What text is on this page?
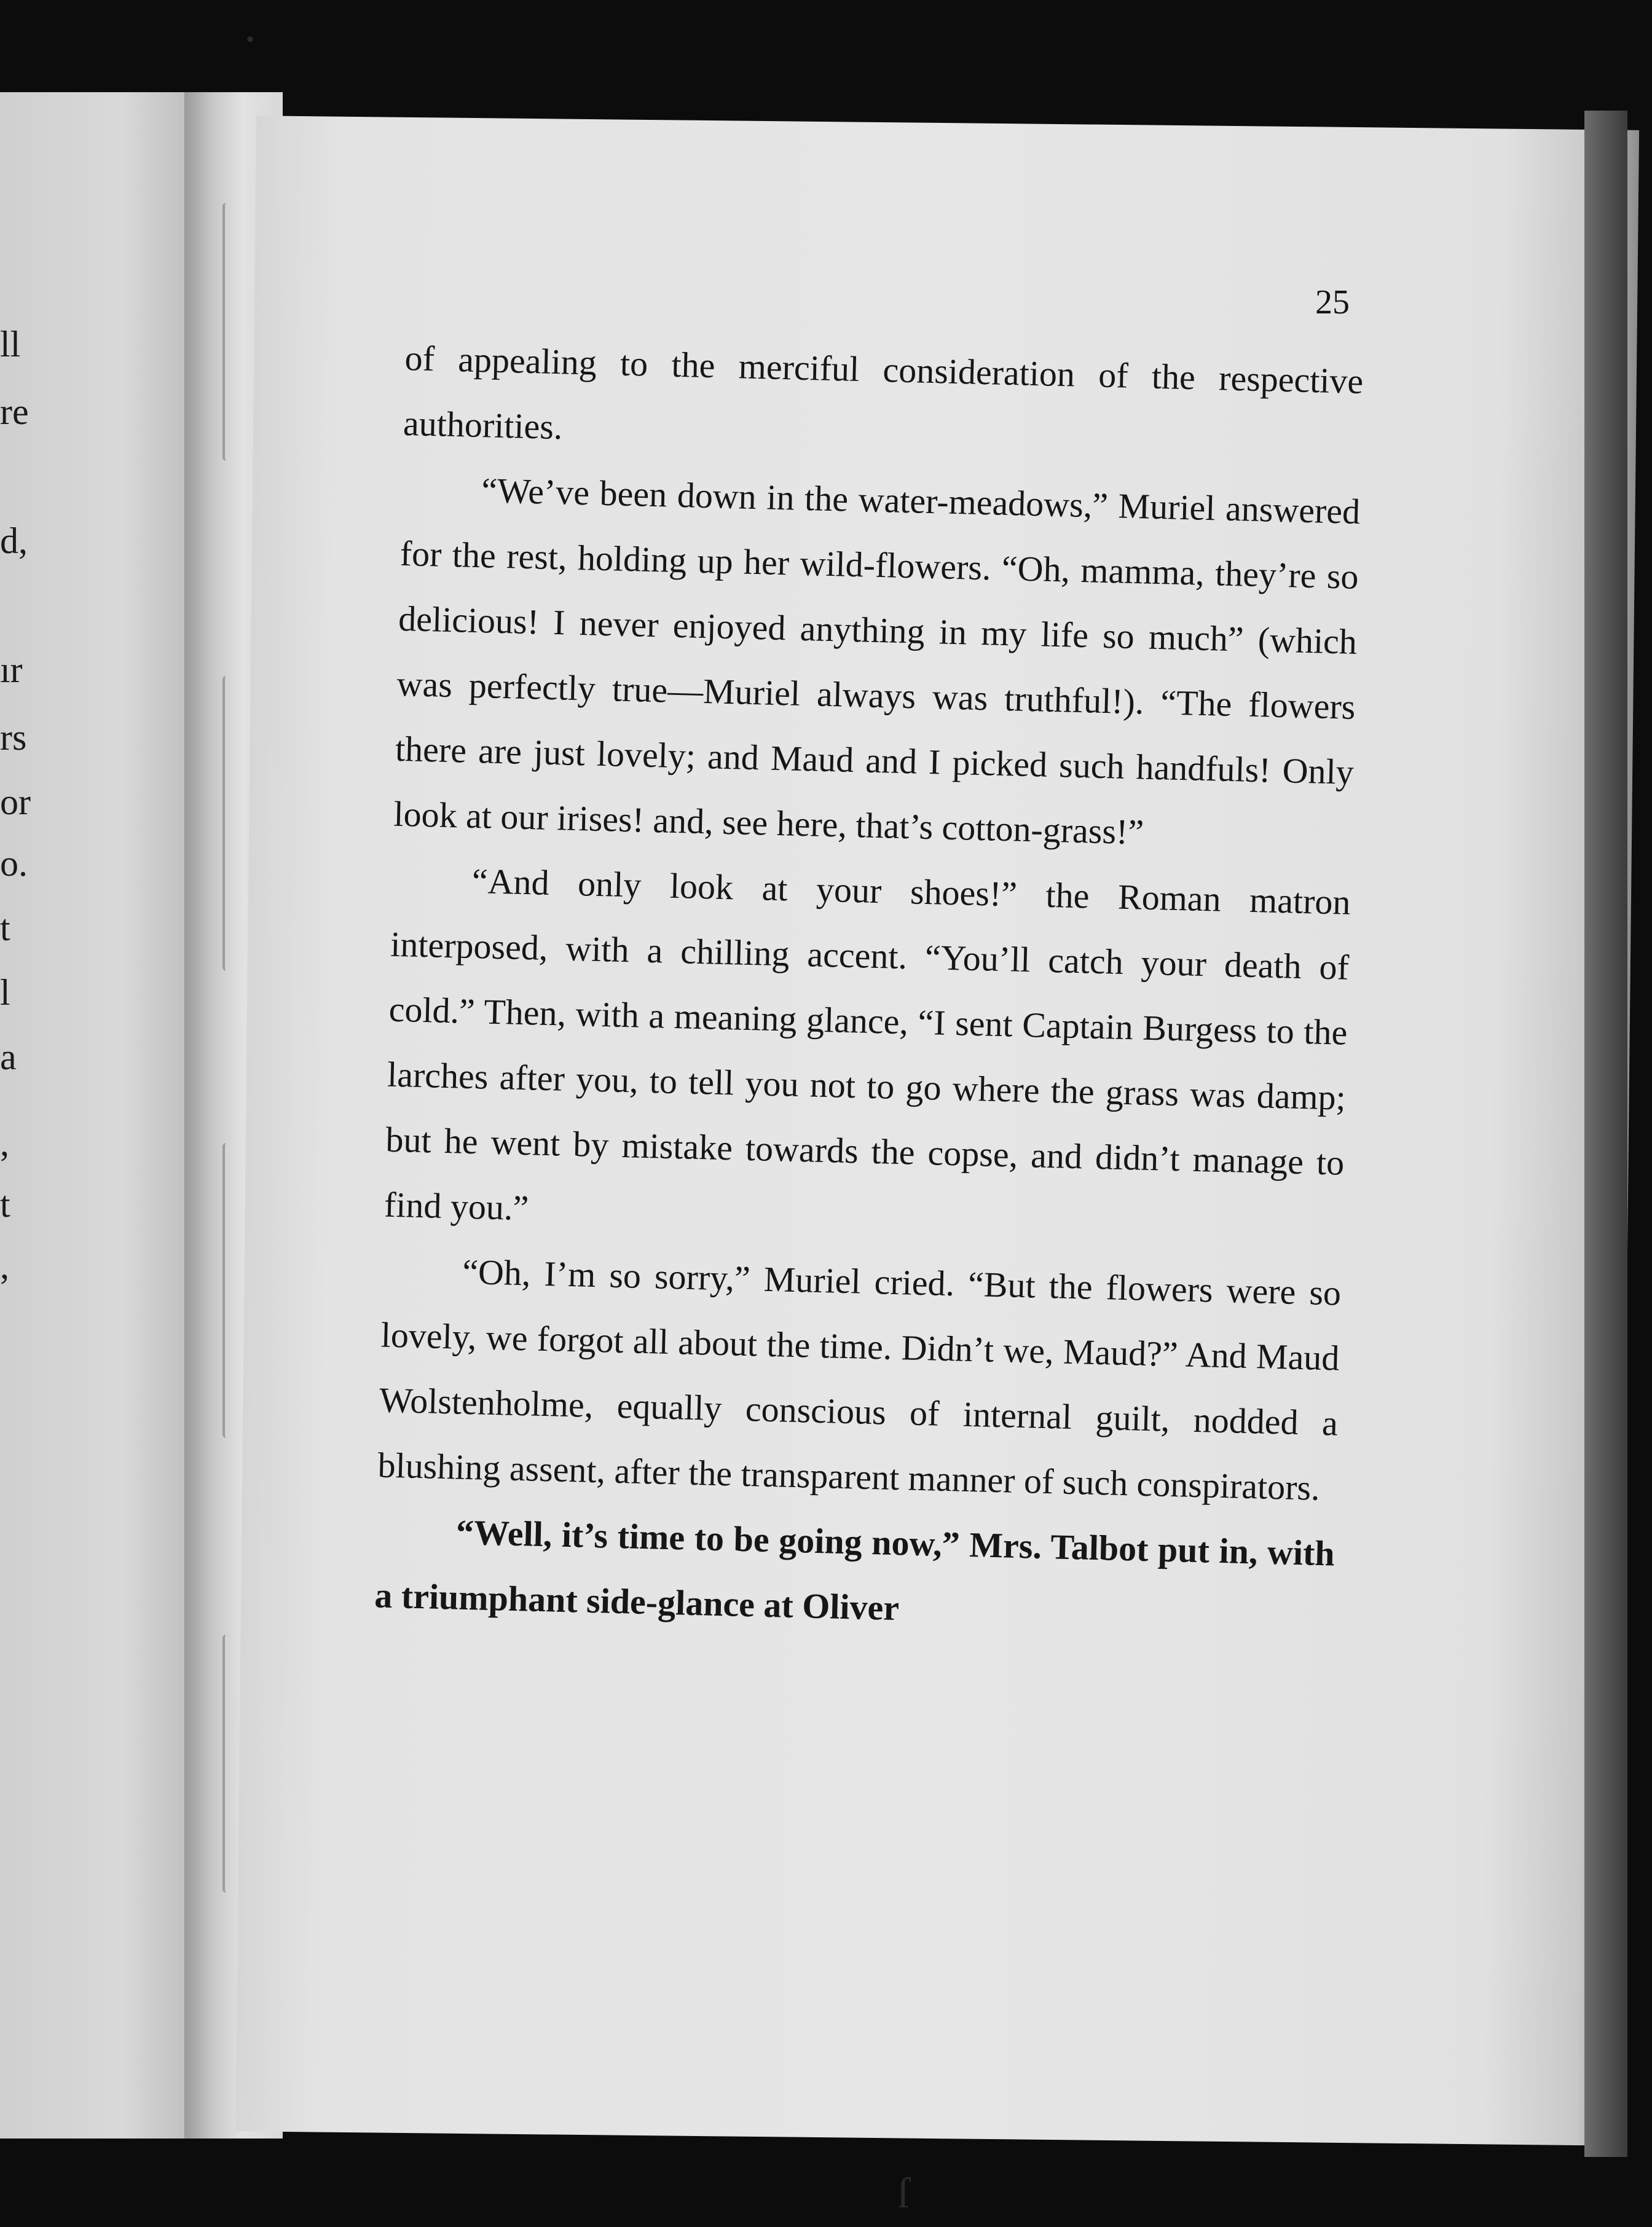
ll
re
d,
ır
rs
or
o.
t
l
a
,
t
,
25

of appealing to the merciful consideration of the respective authorities.

“We’ve been down in the water-meadows,” Muriel answered for the rest, holding up her wild-flowers. “Oh, mamma, they’re so delicious! I never enjoyed anything in my life so much” (which was perfectly true—Muriel always was truthful!). “The flowers there are just lovely; and Maud and I picked such handfuls! Only look at our irises! and, see here, that’s cotton-grass!”

“And only look at your shoes!” the Roman matron interposed, with a chilling accent. “You’ll catch your death of cold.” Then, with a meaning glance, “I sent Captain Burgess to the larches after you, to tell you not to go where the grass was damp; but he went by mistake towards the copse, and didn’t manage to find you.”

“Oh, I’m so sorry,” Muriel cried. “But the flowers were so lovely, we forgot all about the time. Didn’t we, Maud?” And Maud Wolstenholme, equally conscious of internal guilt, nodded a blushing assent, after the transparent manner of such conspirators.

“Well, it’s time to be going now,” Mrs. Talbot put in, with a triumphant side-glance at Oliver

•
ſ
